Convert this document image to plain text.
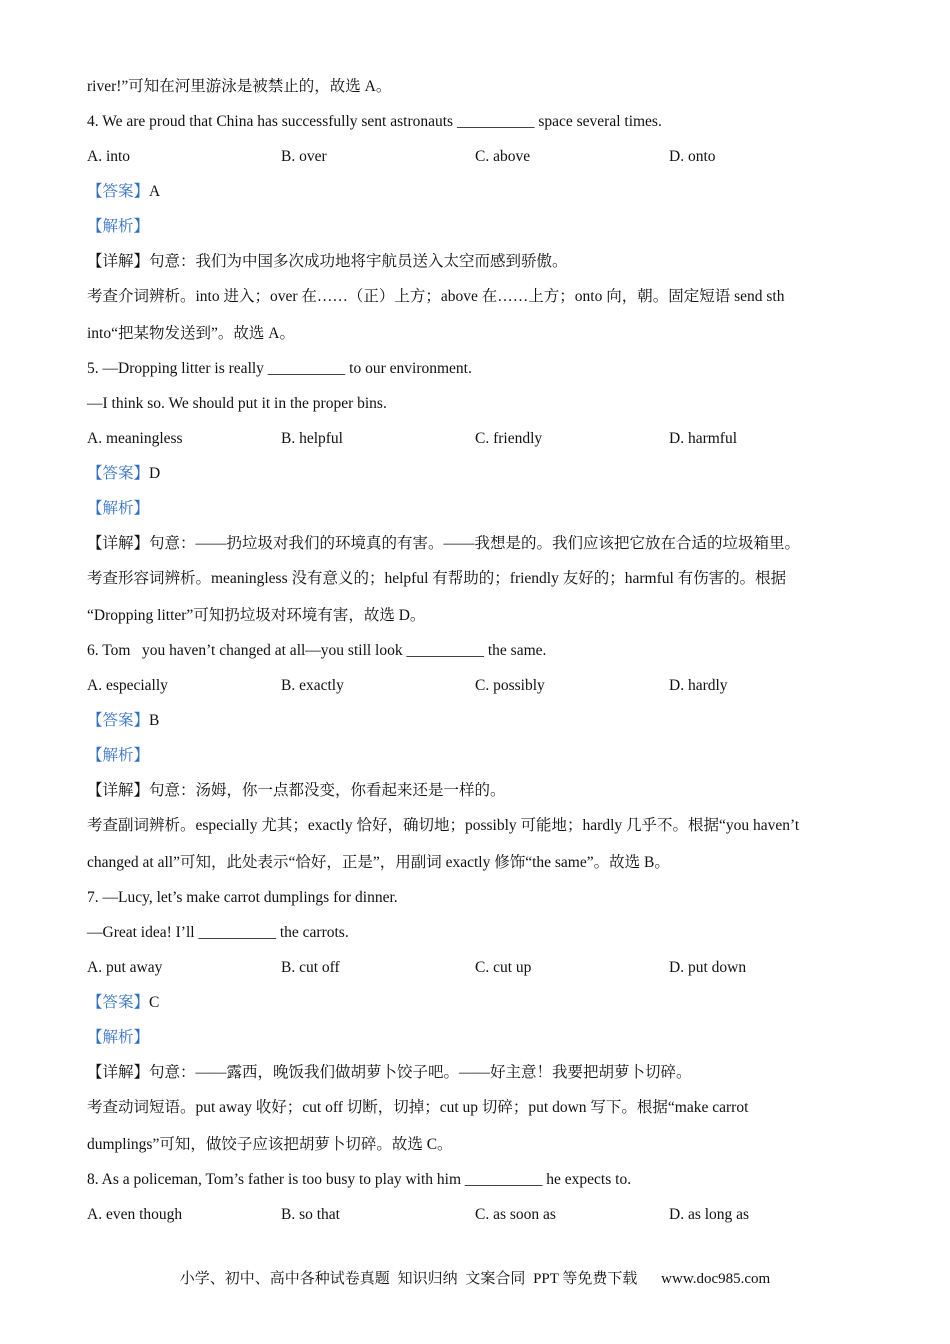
river!”可知在河里游泳是被禁止的，故选 A。
4. We are proud that China has successfully sent astronauts __________ space several times.
A. into	B. over	C. above	D. onto
【答案】A
【解析】
【详解】句意：我们为中国多次成功地将宇航员送入太空而感到骄傲。
考查介词辨析。into 进入；over 在……（正）上方；above 在……上方；onto 向，朝。固定短语 send sth
into“把某物发送到”。故选 A。
5. —Dropping litter is really __________ to our environment.
—I think so. We should put it in the proper bins.
A. meaningless	B. helpful	C. friendly	D. harmful
【答案】D
【解析】
【详解】句意：——扔垃圾对我们的环境真的有害。——我想是的。我们应该把它放在合适的垃圾箱里。
考查形容词辨析。meaningless 没有意义的；helpful 有帮助的；friendly 友好的；harmful 有伤害的。根据
“Dropping litter”可知扔垃圾对环境有害，故选 D。
6. Tom   you haven’t changed at all—you still look __________ the same.
A. especially	B. exactly	C. possibly	D. hardly
【答案】B
【解析】
【详解】句意：汤姆，你一点都没变，你看起来还是一样的。
考查副词辨析。especially 尤其；exactly 恰好，确切地；possibly 可能地；hardly 几乎不。根据“you haven’t
changed at all”可知，此处表示“恰好，正是”，用副词 exactly 修饰“the same”。故选 B。
7. —Lucy, let’s make carrot dumplings for dinner.
—Great idea! I’ll __________ the carrots.
A. put away	B. cut off	C. cut up	D. put down
【答案】C
【解析】
【详解】句意：——露西，晚饭我们做胡萝卜饺子吧。——好主意！我要把胡萝卜切碎。
考查动词短语。put away 收好；cut off 切断，切掉；cut up 切碎；put down 写下。根据“make carrot
dumplings”可知，做饺子应该把胡萝卜切碎。故选 C。
8. As a policeman, Tom’s father is too busy to play with him __________ he expects to.
A. even though	B. so that	C. as soon as	D. as long as
小学、初中、高中各种试卷真题 知识归纳 文案合同 PPT 等免费下载 www.doc985.com
